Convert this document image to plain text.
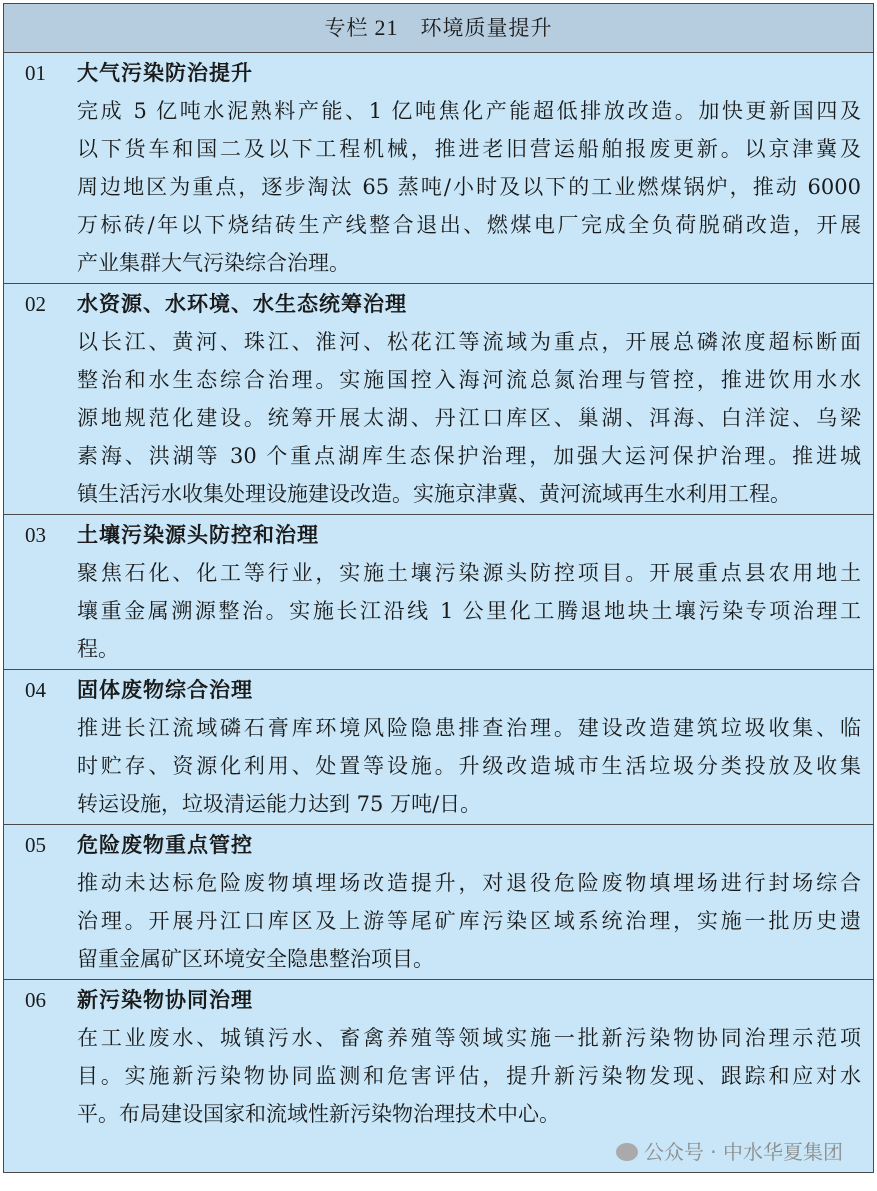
专栏 21 环境质量提升
01 大气污染防治提升
完成 5 亿吨水泥熟料产能、1 亿吨焦化产能超低排放改造。加快更新国四及
以下货车和国二及以下工程机械，推进老旧营运船舶报废更新。以京津冀及
周边地区为重点，逐步淘汰 65 蒸吨/小时及以下的工业燃煤锅炉，推动 6000
万标砖/年以下烧结砖生产线整合退出、燃煤电厂完成全负荷脱硝改造，开展
产业集群大气污染综合治理。
02 水资源、水环境、水生态统筹治理
以长江、黄河、珠江、淮河、松花江等流域为重点，开展总磷浓度超标断面
整治和水生态综合治理。实施国控入海河流总氮治理与管控，推进饮用水水
源地规范化建设。统筹开展太湖、丹江口库区、巢湖、洱海、白洋淀、乌梁
素海、洪湖等 30 个重点湖库生态保护治理，加强大运河保护治理。推进城
镇生活污水收集处理设施建设改造。实施京津冀、黄河流域再生水利用工程。
03 土壤污染源头防控和治理
聚焦石化、化工等行业，实施土壤污染源头防控项目。开展重点县农用地土
壤重金属溯源整治。实施长江沿线 1 公里化工腾退地块土壤污染专项治理工
程。
04 固体废物综合治理
推进长江流域磷石膏库环境风险隐患排查治理。建设改造建筑垃圾收集、临
时贮存、资源化利用、处置等设施。升级改造城市生活垃圾分类投放及收集
转运设施，垃圾清运能力达到 75 万吨/日。
05 危险废物重点管控
推动未达标危险废物填埋场改造提升，对退役危险废物填埋场进行封场综合
治理。开展丹江口库区及上游等尾矿库污染区域系统治理，实施一批历史遗
留重金属矿区环境安全隐患整治项目。
06 新污染物协同治理
在工业废水、城镇污水、畜禽养殖等领域实施一批新污染物协同治理示范项
目。实施新污染物协同监测和危害评估，提升新污染物发现、跟踪和应对水
平。布局建设国家和流域性新污染物治理技术中心。
公众号 · 中水华夏集团
